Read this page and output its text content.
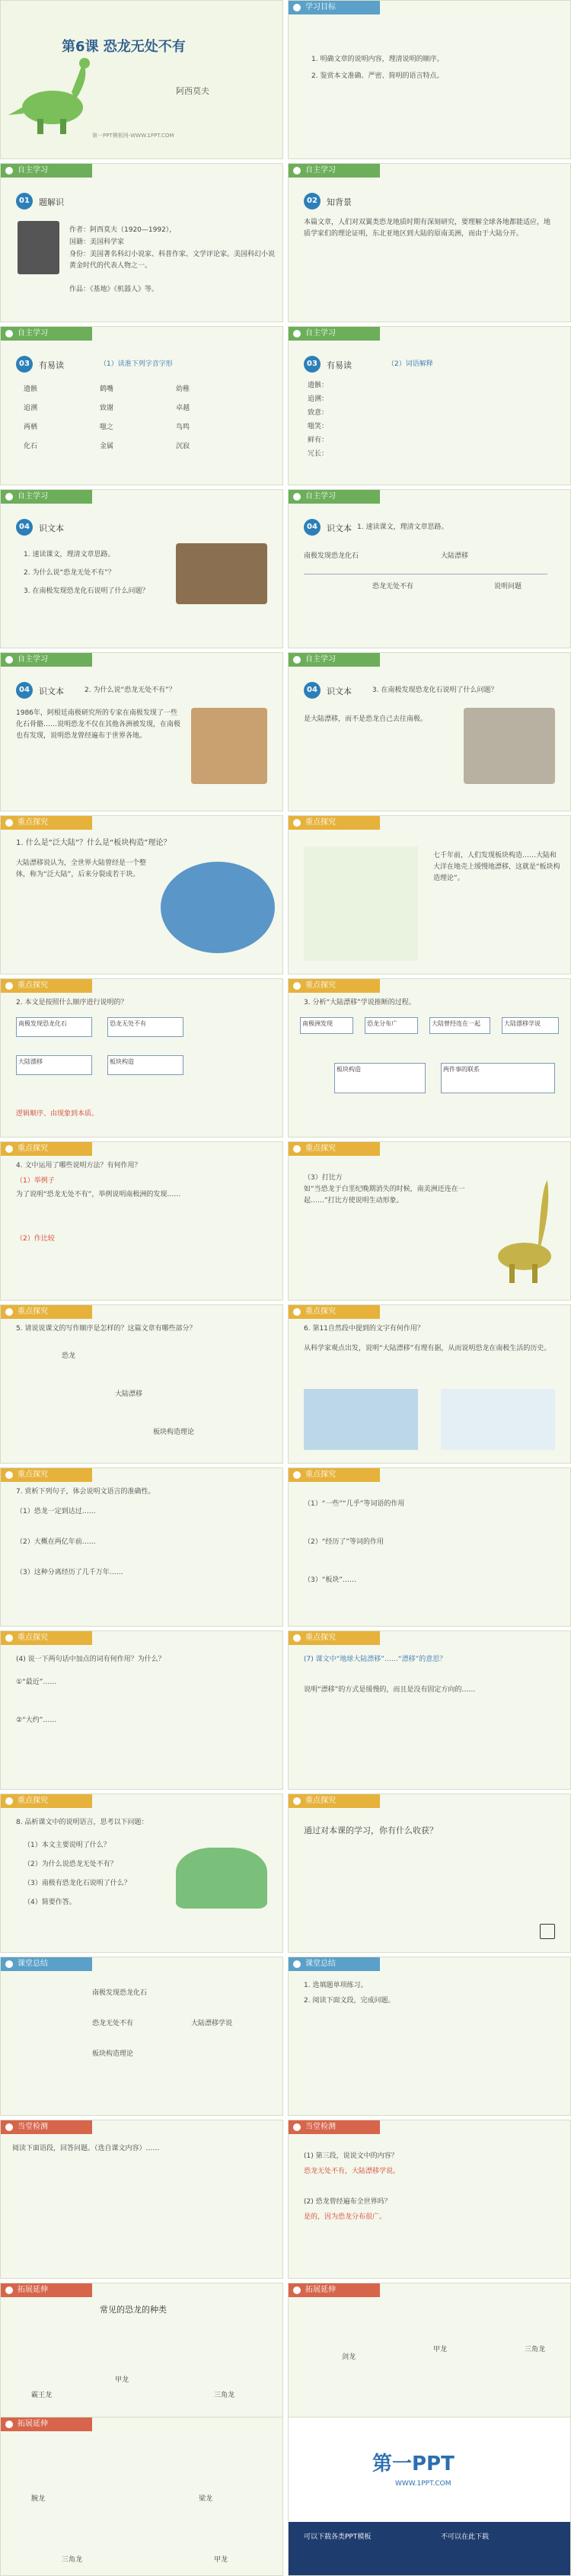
第6课 恐龙无处不有
阿西莫夫
第一PPT模板网-WWW.1PPT.COM
学习目标
1. 明确文章的说明内容，理清说明的顺序。
2. 鉴赏本文准确、严密、简明的语言特点。
自主学习
01	题解识
作者：阿西莫夫（1920—1992），
国籍：美国科学家
身份：美国著名科幻小说家、科普作家、文学评论家。美国科幻小说黄金时代的代表人物之一。
作品：《基地》《机器人》等。
自主学习
02	知背景
本篇文章，人们对双翼类恐龙地质时期有深刻研究，要理解全球各地都能适应，地质学家们的理论证明，东北亚地区到大陆的原南美洲，而由于大陆分开。
自主学习
03	有易读	（1）读准下列字音字形
遗骸	鹤嘴	幼稚
追溯	致谢	卓越
两栖	嗤之	鸟鸣
化石	金属	沉寂
自主学习
03	有易读	（2）词语解释
遗骸：
追溯：
致意：
嗤笑：
鲜有：
冗长：
自主学习
04	识文本
1. 速读课文，理清文章思路。
2. 为什么说“恐龙无处不有”？
3. 在南极发现恐龙化石说明了什么问题？
自主学习
04	识文本 1. 速读课文，理清文章思路。
南极发现恐龙化石
恐龙无处不有
大陆漂移
说明问题
自主学习
04	识文本	2. 为什么说“恐龙无处不有”？
1986年，阿根廷南极研究所的专家在南极发现了一些化石骨骼……说明恐龙不仅在其他各洲被发现，在南极也有发现，说明恐龙曾经遍布于世界各地。
自主学习
04	识文本	3. 在南极发现恐龙化石说明了什么问题？
是大陆漂移，而不是恐龙自己去往南极。
重点探究
1. 什么是“泛大陆”？什么是“板块构造”理论？
大陆漂移说认为，全世界大陆曾经是一个整体，称为“泛大陆”，后来分裂成若干块。
重点探究
七千年前，人们发现板块构造……大陆和大洋在地壳上缓慢地漂移，这就是“板块构造理论”。
重点探究
2. 本文是按照什么顺序进行说明的？
南极发现恐龙化石	恐龙无处不有
大陆漂移	板块构造
逻辑顺序、由现象到本质。
重点探究
3. 分析“大陆漂移”学说推断的过程。
南极洲发现	恐龙分布广	大陆曾经连在一起	大陆漂移学说
板块构造	两件事的联系
重点探究
4. 文中运用了哪些说明方法？有何作用？
（1）举例子
为了说明“恐龙无处不有”，举例说明南极洲的发现……
（2）作比较
重点探究
（3）打比方
如“当恐龙于白垩纪晚期消失的时候，南美洲还连在一起……”打比方使说明生动形象。
重点探究
5. 请说说课文的写作顺序是怎样的？这篇文章有哪些部分？
恐龙
大陆漂移
板块构造理论
重点探究
6. 第11自然段中提到的文字有何作用？
从科学家观点出发，说明“大陆漂移”有理有据，从而说明恐龙在南极生活的历史。
重点探究
7. 赏析下列句子，体会说明文语言的准确性。
（1）恐龙一定到达过……
（2）大概在两亿年前……
（3）这种分离经历了几千万年……
重点探究
（1）“一些”“几乎”等词语的作用
（2）“经历了”等词的作用
（3）“板块”……
重点探究
(4) 说一下两句话中加点的词有何作用？为什么？
①“最近”……
②“大约”……
重点探究
(7) 课文中“地球大陆漂移”……“漂移”的意思？
说明“漂移”的方式是缓慢的，而且是没有固定方向的……
重点探究
8. 品析课文中的说明语言，思考以下问题：
（1）本文主要说明了什么？
（2）为什么说恐龙无处不有？
（3）南极有恐龙化石说明了什么？
（4）简要作答。
重点探究
通过对本课的学习，你有什么收获？
课堂总结
南极发现恐龙化石
恐龙无处不有	大陆漂移学说
板块构造理论
课堂总结
1. 选填题单项练习。
2. 阅读下面文段，完成问题。
当堂检测
阅读下面语段，回答问题。（选自课文内容）……
当堂检测
(1) 第三段，说说文中的内容？
恐龙无处不有，大陆漂移学说。
(2) 恐龙曾经遍布全世界吗？
是的，因为恐龙分布很广。
拓展延伸
常见的恐龙的种类
霸王龙
甲龙
三角龙
拓展延伸
剑龙
甲龙	三角龙
拓展延伸
腕龙	梁龙
三角龙	甲龙
第一PPT
WWW.1PPT.COM
可以下载各类PPT模板	不可以在此下载
